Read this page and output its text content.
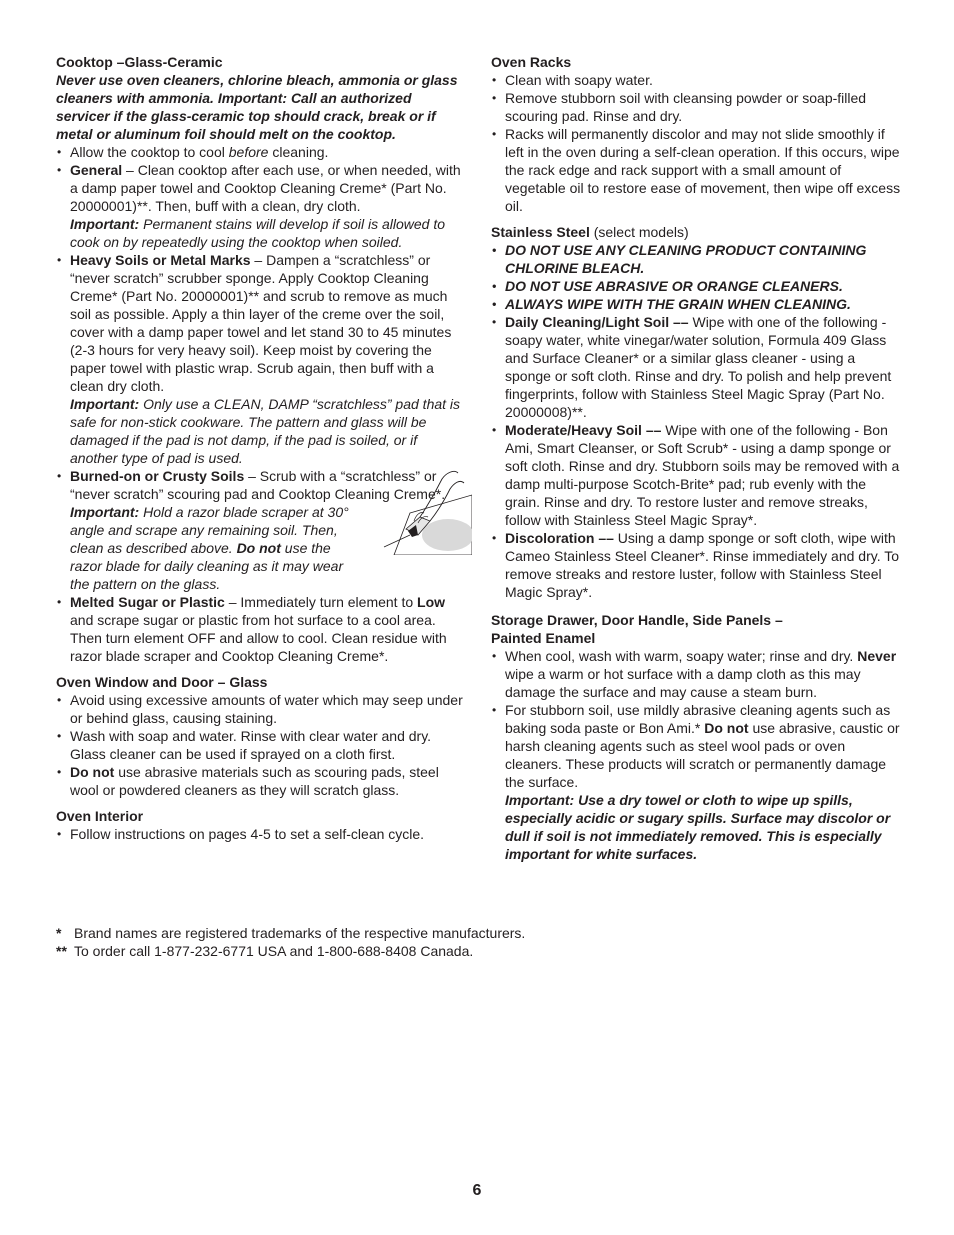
Cooktop –Glass-Ceramic

Never use oven cleaners, chlorine bleach, ammonia or glass cleaners with ammonia. Important: Call an authorized servicer if the glass-ceramic top should crack, break or if metal or aluminum foil should melt on the cooktop.

• Allow the cooktop to cool before cleaning.
• General – Clean cooktop after each use, or when needed, with a damp paper towel and Cooktop Cleaning Creme* (Part No. 20000001)**. Then, buff with a clean, dry cloth.
Important: Permanent stains will develop if soil is allowed to cook on by repeatedly using the cooktop when soiled.
• Heavy Soils or Metal Marks – Dampen a “scratchless” or “never scratch” scrubber sponge. Apply Cooktop Cleaning Creme* (Part No. 20000001)** and scrub to remove as much soil as possible. Apply a thin layer of the creme over the soil, cover with a damp paper towel and let stand 30 to 45 minutes (2-3 hours for very heavy soil). Keep moist by covering the paper towel with plastic wrap. Scrub again, then buff with a clean dry cloth.
Important: Only use a CLEAN, DAMP “scratchless” pad that is safe for non-stick cookware. The pattern and glass will be damaged if the pad is not damp, if the pad is soiled, or if another type of pad is used.
• Burned-on or Crusty Soils – Scrub with a “scratchless” or “never scratch” scouring pad and Cooktop Cleaning Creme*.
Important: Hold a razor blade scraper at 30° angle and scrape any remaining soil. Then, clean as described above. Do not use the razor blade for daily cleaning as it may wear the pattern on the glass.
• Melted Sugar or Plastic – Immediately turn element to Low and scrape sugar or plastic from hot surface to a cool area. Then turn element OFF and allow to cool. Clean residue with razor blade scraper and Cooktop Cleaning Creme*.
Oven Window and Door – Glass
• Avoid using excessive amounts of water which may seep under or behind glass, causing staining.
• Wash with soap and water. Rinse with clear water and dry. Glass cleaner can be used if sprayed on a cloth first.
• Do not use abrasive materials such as scouring pads, steel wool or powdered cleaners as they will scratch glass.
Oven Interior
• Follow instructions on pages 4-5 to set a self-clean cycle.
Oven Racks
• Clean with soapy water.
• Remove stubborn soil with cleansing powder or soap-filled scouring pad. Rinse and dry.
• Racks will permanently discolor and may not slide smoothly if left in the oven during a self-clean operation. If this occurs, wipe the rack edge and rack support with a small amount of vegetable oil to restore ease of movement, then wipe off excess oil.
Stainless Steel (select models)
• DO NOT USE ANY CLEANING PRODUCT CONTAINING CHLORINE BLEACH.
• DO NOT USE ABRASIVE OR ORANGE CLEANERS.
• ALWAYS WIPE WITH THE GRAIN WHEN CLEANING.
• Daily Cleaning/Light Soil –– Wipe with one of the following - soapy water, white vinegar/water solution, Formula 409 Glass and Surface Cleaner* or a similar glass cleaner - using a sponge or soft cloth. Rinse and dry. To polish and help prevent fingerprints, follow with Stainless Steel Magic Spray (Part No. 20000008)**.
• Moderate/Heavy Soil –– Wipe with one of the following - Bon Ami, Smart Cleanser, or Soft Scrub* - using a damp sponge or soft cloth. Rinse and dry. Stubborn soils may be removed with a damp multi-purpose Scotch-Brite* pad; rub evenly with the grain. Rinse and dry. To restore luster and remove streaks, follow with Stainless Steel Magic Spray*.
• Discoloration –– Using a damp sponge or soft cloth, wipe with Cameo Stainless Steel Cleaner*. Rinse immediately and dry. To remove streaks and restore luster, follow with Stainless Steel Magic Spray*.
Storage Drawer, Door Handle, Side Panels –
Painted Enamel
• When cool, wash with warm, soapy water; rinse and dry. Never wipe a warm or hot surface with a damp cloth as this may damage the surface and may cause a steam burn.
• For stubborn soil, use mildly abrasive cleaning agents such as baking soda paste or Bon Ami.* Do not use abrasive, caustic or harsh cleaning agents such as steel wool pads or oven cleaners. These products will scratch or permanently damage the surface.
Important: Use a dry towel or cloth to wipe up spills, especially acidic or sugary spills. Surface may discolor or dull if soil is not immediately removed. This is especially important for white surfaces.
* Brand names are registered trademarks of the respective manufacturers.
** To order call 1-877-232-6771 USA and 1-800-688-8408 Canada.
6
